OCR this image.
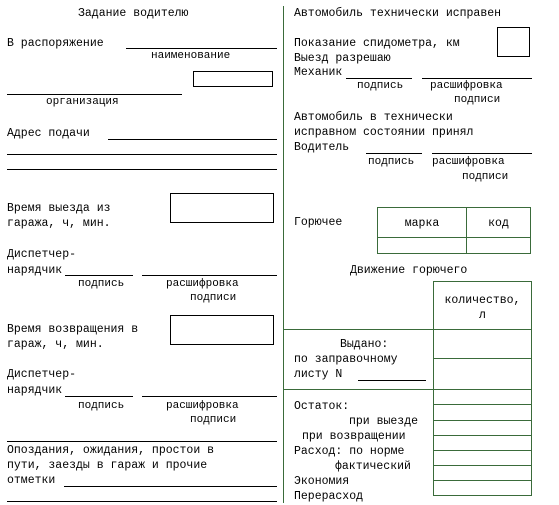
Задание водителю
В распоряжение
наименование
организация
Адрес подачи
Время выезда из
гаража, ч, мин.
Диспетчер-
нарядчик
подпись	расшифровка
подписи
Время возвращения в
гараж, ч, мин.
Диспетчер-
нарядчик
подпись	расшифровка
подписи
Опоздания, ожидания, простои в
пути, заезды в гараж и прочие
отметки
Автомобиль технически исправен
Показание спидометра, км
Выезд разрешаю
Механик
подпись расшифровка
подписи
Автомобиль в технически
исправном состоянии принял
Водитель
подпись расшифровка
подписи
Горючее	марка	код
Движение горючего
количество,
л
Выдано:
по заправочному
листу N
Остаток:
при выезде
при возвращении
Расход: по норме
фактический
Экономия
Перерасход
